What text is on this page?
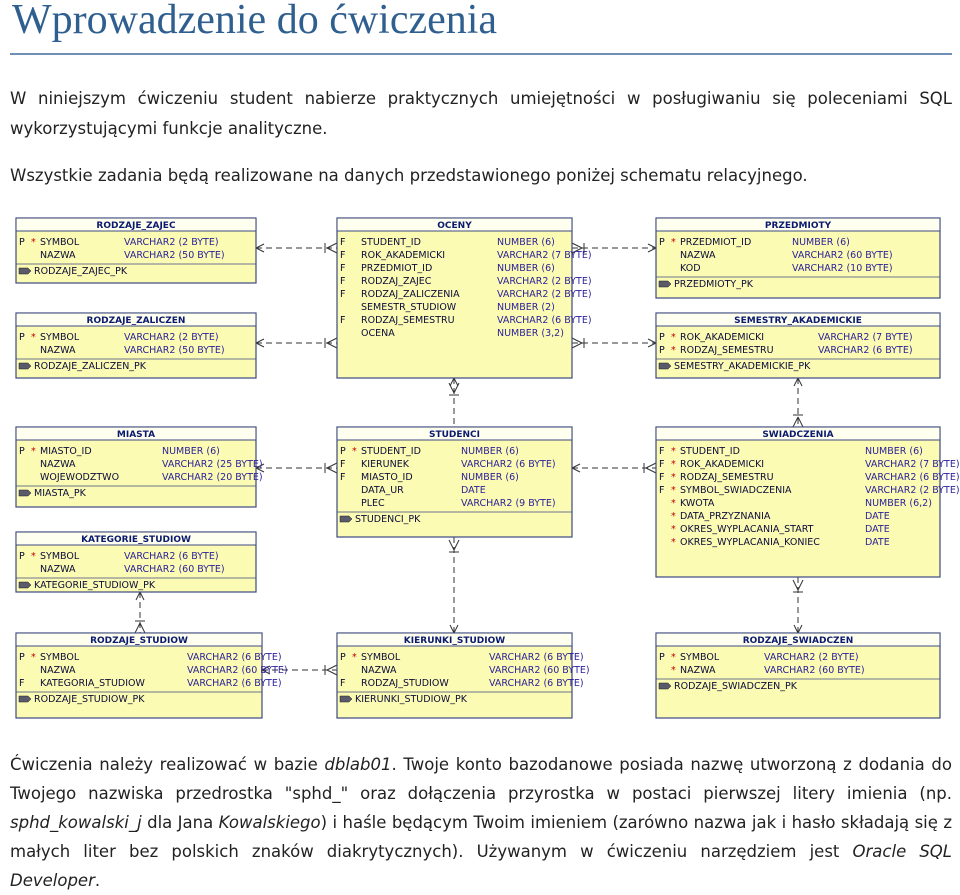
Wprowadzenie do ćwiczenia
W niniejszym ćwiczeniu student nabierze praktycznych umiejętności w posługiwaniu się poleceniami SQL wykorzystującymi funkcje analityczne.
Wszystkie zadania będą realizowane na danych przedstawionego poniżej schematu relacyjnego.
RODZAJE_ZAJEC
P * SYMBOL	VARCHAR2 (2 BYTE)
NAZWA	VARCHAR2 (50 BYTE)
RODZAJE_ZAJEC_PK
OCENY
F STUDENT_ID	NUMBER (6)
F ROK_AKADEMICKI	VARCHAR2 (7 BYTE)
F PRZEDMIOT_ID	NUMBER (6)
F RODZAJ_ZAJEC	VARCHAR2 (2 BYTE)
F RODZAJ_ZALICZENIA	VARCHAR2 (2 BYTE)
SEMESTR_STUDIOW	NUMBER (2)
F RODZAJ_SEMESTRU	VARCHAR2 (6 BYTE)
OCENA	NUMBER (3,2)
PRZEDMIOTY
P * PRZEDMIOT_ID	NUMBER (6)
NAZWA	VARCHAR2 (60 BYTE)
KOD	VARCHAR2 (10 BYTE)
PRZEDMIOTY_PK
RODZAJE_ZALICZEN
P * SYMBOL	VARCHAR2 (2 BYTE)
NAZWA	VARCHAR2 (50 BYTE)
RODZAJE_ZALICZEN_PK
SEMESTRY_AKADEMICKIE
P * ROK_AKADEMICKI	VARCHAR2 (7 BYTE)
P * RODZAJ_SEMESTRU	VARCHAR2 (6 BYTE)
SEMESTRY_AKADEMICKIE_PK
MIASTA
P * MIASTO_ID	NUMBER (6)
NAZWA	VARCHAR2 (25 BYTE)
WOJEWODZTWO	VARCHAR2 (20 BYTE)
MIASTA_PK
STUDENCI
P * STUDENT_ID	NUMBER (6)
F KIERUNEK	VARCHAR2 (6 BYTE)
F MIASTO_ID	NUMBER (6)
DATA_UR	DATE
PLEC	VARCHAR2 (9 BYTE)
STUDENCI_PK
SWIADCZENIA
F * STUDENT_ID	NUMBER (6)
F * ROK_AKADEMICKI	VARCHAR2 (7 BYTE)
F * RODZAJ_SEMESTRU	VARCHAR2 (6 BYTE)
F * SYMBOL_SWIADCZENIA	VARCHAR2 (2 BYTE)
* KWOTA	NUMBER (6,2)
* DATA_PRZYZNANIA	DATE
* OKRES_WYPLACANIA_START	DATE
* OKRES_WYPLACANIA_KONIEC	DATE
KATEGORIE_STUDIOW
P * SYMBOL	VARCHAR2 (6 BYTE)
NAZWA	VARCHAR2 (60 BYTE)
KATEGORIE_STUDIOW_PK
RODZAJE_STUDIOW
P * SYMBOL	VARCHAR2 (6 BYTE)
NAZWA	VARCHAR2 (60 BYTE)
F KATEGORIA_STUDIOW	VARCHAR2 (6 BYTE)
RODZAJE_STUDIOW_PK
KIERUNKI_STUDIOW
P * SYMBOL	VARCHAR2 (6 BYTE)
NAZWA	VARCHAR2 (60 BYTE)
F RODZAJ_STUDIOW	VARCHAR2 (6 BYTE)
KIERUNKI_STUDIOW_PK
RODZAJE_SWIADCZEN
P * SYMBOL	VARCHAR2 (2 BYTE)
* NAZWA	VARCHAR2 (60 BYTE)
RODZAJE_SWIADCZEN_PK
Ćwiczenia należy realizować w bazie dblab01. Twoje konto bazodanowe posiada nazwę utworzoną z dodania do Twojego nazwiska przedrostka "sphd_" oraz dołączenia przyrostka w postaci pierwszej litery imienia (np. sphd_kowalski_j dla Jana Kowalskiego) i haśle będącym Twoim imieniem (zarówno nazwa jak i hasło składają się z małych liter bez polskich znaków diakrytycznych). Używanym w ćwiczeniu narzędziem jest Oracle SQL Developer.
